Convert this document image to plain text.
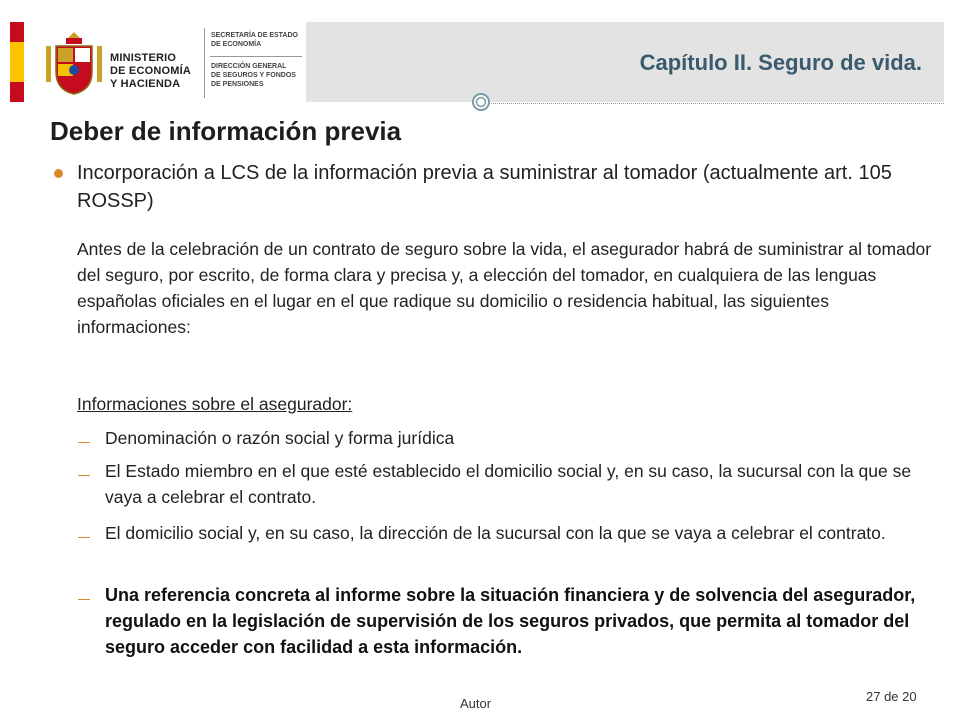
MINISTERIO
DE ECONOMÍA
Y HACIENDA
SECRETARÍA DE ESTADO
DE ECONOMÍA
DIRECCIÓN GENERAL
DE SEGUROS Y FONDOS
DE PENSIONES
Capítulo II. Seguro de vida.
Deber de información previa
Incorporación a LCS de la información previa a suministrar al tomador (actualmente art. 105 ROSSP)
Antes de la celebración de un contrato de seguro sobre la vida, el asegurador habrá de suministrar al tomador del seguro, por escrito, de forma clara y precisa y, a elección del tomador, en cualquiera de las lenguas españolas oficiales en el lugar en el que radique su domicilio o residencia habitual, las siguientes informaciones:
Informaciones sobre el asegurador:
Denominación o razón social y forma jurídica
El Estado miembro en el que esté establecido el domicilio social y, en su caso, la sucursal con la que se vaya a celebrar el contrato.
El domicilio social y, en su caso, la dirección de la sucursal con la que se vaya a celebrar el contrato.
Una referencia concreta al informe sobre la situación financiera y de solvencia del asegurador, regulado en la legislación de supervisión de los seguros privados, que permita al tomador del seguro acceder con facilidad a esta información.
27 de 20
Autor
